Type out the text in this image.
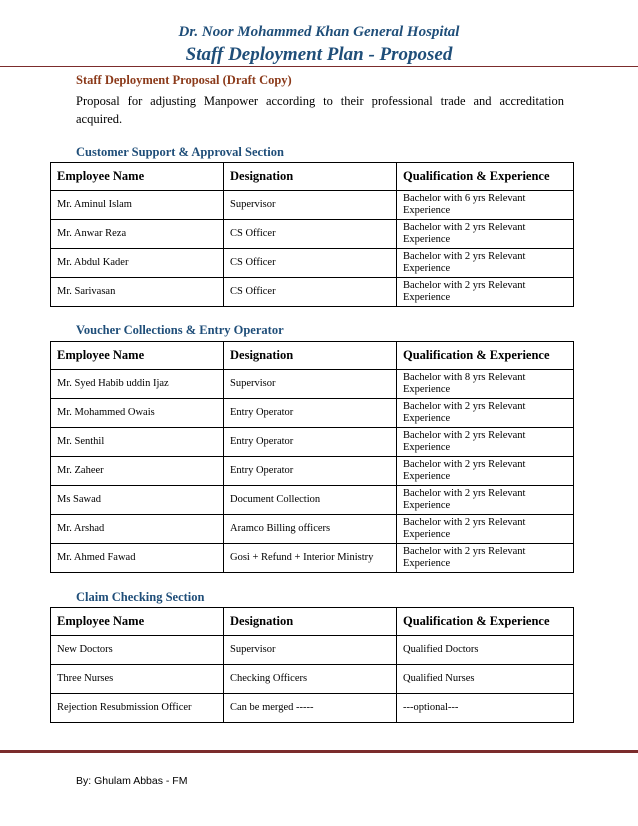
Dr. Noor Mohammed Khan General Hospital
Staff Deployment Plan - Proposed
Staff Deployment Proposal (Draft Copy)
Proposal for adjusting Manpower according to their professional trade and accreditation acquired.
Customer Support & Approval Section
Employee Name	Designation	Qualification & Experience
Mr. Aminul Islam	Supervisor	Bachelor with 6 yrs Relevant Experience
Mr. Anwar Reza	CS Officer	Bachelor with 2 yrs Relevant Experience
Mr. Abdul Kader	CS Officer	Bachelor with 2 yrs Relevant Experience
Mr. Sarivasan	CS Officer	Bachelor with 2 yrs Relevant Experience
Voucher Collections & Entry Operator
Employee Name	Designation	Qualification & Experience
Mr. Syed Habib uddin Ijaz	Supervisor	Bachelor with 8 yrs Relevant Experience
Mr. Mohammed Owais	Entry Operator	Bachelor with 2 yrs Relevant Experience
Mr. Senthil	Entry Operator	Bachelor with 2 yrs Relevant Experience
Mr. Zaheer	Entry Operator	Bachelor with 2 yrs Relevant Experience
Ms Sawad	Document Collection	Bachelor with 2 yrs Relevant Experience
Mr. Arshad	Aramco Billing officers	Bachelor with 2 yrs Relevant Experience
Mr. Ahmed Fawad	Gosi + Refund + Interior Ministry	Bachelor with 2 yrs Relevant Experience
Claim Checking Section
Employee Name	Designation	Qualification & Experience
New Doctors	Supervisor	Qualified Doctors
Three Nurses	Checking Officers	Qualified Nurses
Rejection Resubmission Officer	Can be merged -----	---optional---
By: Ghulam Abbas - FM
